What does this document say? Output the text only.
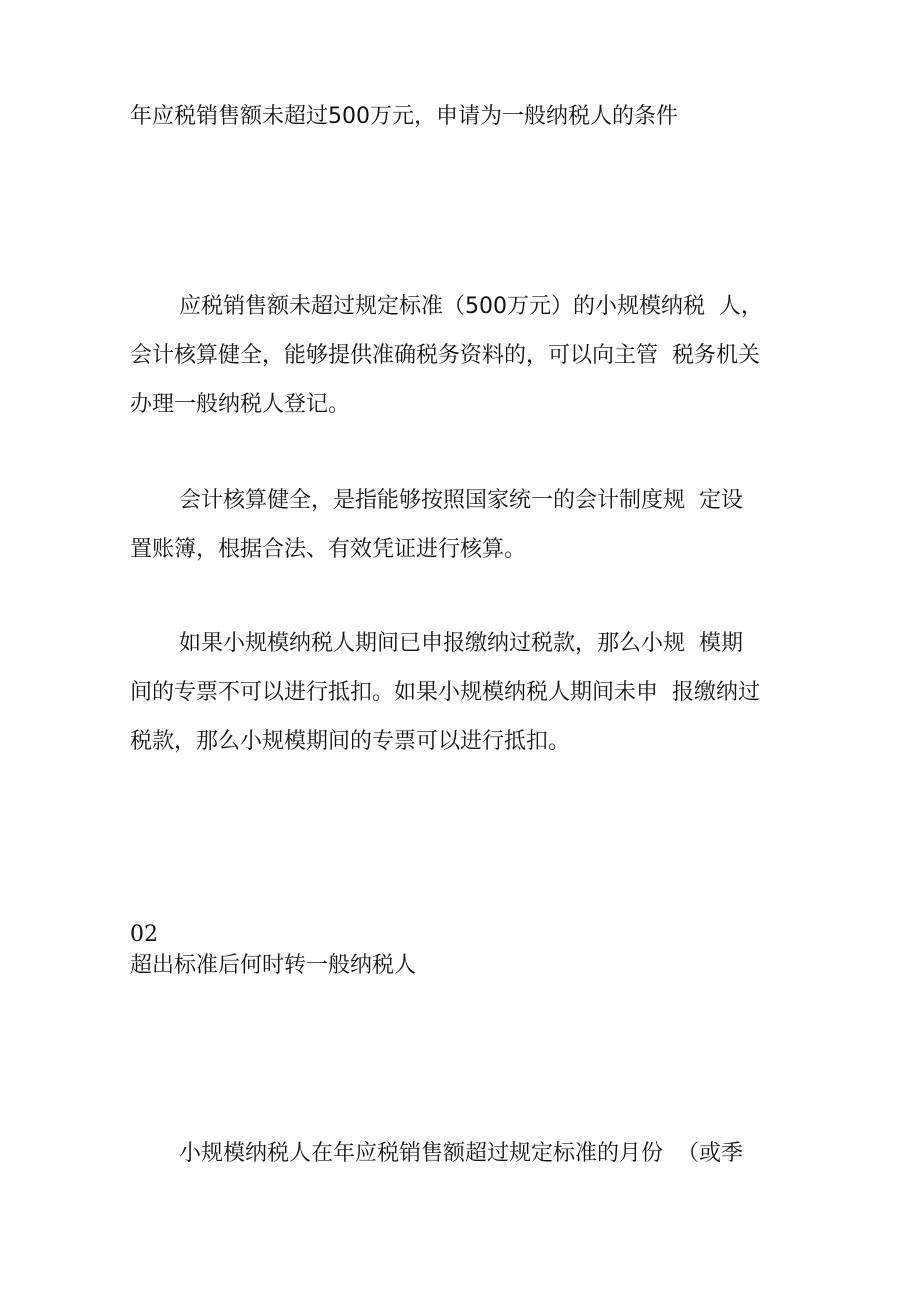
年应税销售额未超过500万元，申请为一般纳税人的条件
应税销售额未超过规定标准（500万元）的小规模纳税  人，
会计核算健全，能够提供准确税务资料的，可以向主管  税务机关
办理一般纳税人登记。
会计核算健全，是指能够按照国家统一的会计制度规  定设
置账簿，根据合法、有效凭证进行核算。
如果小规模纳税人期间已申报缴纳过税款，那么小规  模期
间的专票不可以进行抵扣。如果小规模纳税人期间未申  报缴纳过
税款，那么小规模期间的专票可以进行抵扣。
02
超出标准后何时转一般纳税人
小规模纳税人在年应税销售额超过规定标准的月份  （或季
